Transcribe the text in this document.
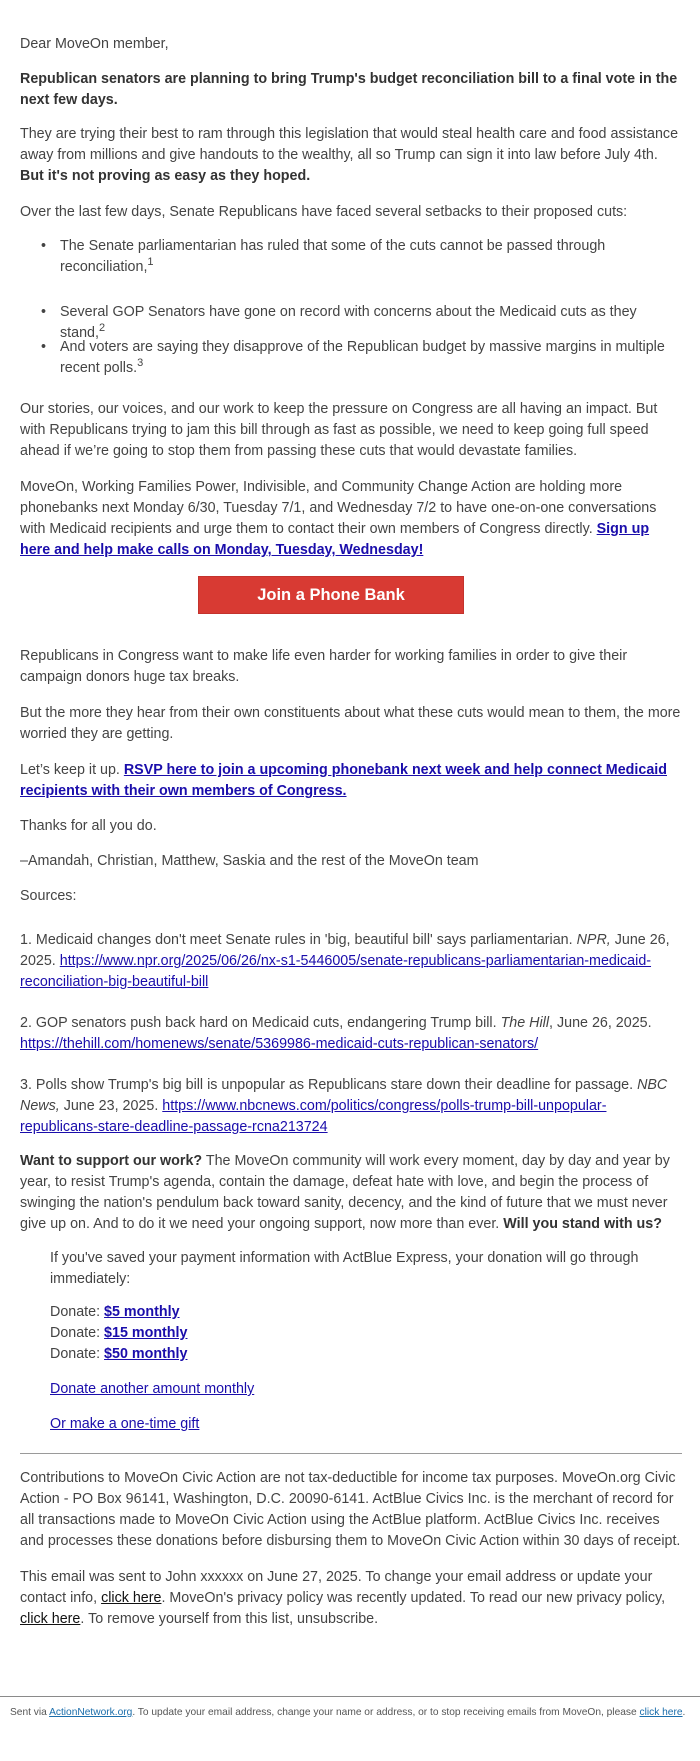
Dear MoveOn member,

Republican senators are planning to bring Trump's budget reconciliation bill to a final vote in the next few days.

They are trying their best to ram through this legislation that would steal health care and food assistance away from millions and give handouts to the wealthy, all so Trump can sign it into law before July 4th. But it's not proving as easy as they hoped.

Over the last few days, Senate Republicans have faced several setbacks to their proposed cuts:

• The Senate parliamentarian has ruled that some of the cuts cannot be passed through reconciliation,$^1$
• Several GOP Senators have gone on record with concerns about the Medicaid cuts as they stand,$^2$
• And voters are saying they disapprove of the Republican budget by massive margins in multiple recent polls.$^3$

Our stories, our voices, and our work to keep the pressure on Congress are all having an impact. But with Republicans trying to jam this bill through as fast as possible, we need to keep going full speed ahead if we’re going to stop them from passing these cuts that would devastate families.

MoveOn, Working Families Power, Indivisible, and Community Change Action are holding more phonebanks next Monday 6/30, Tuesday 7/1, and Wednesday 7/2 to have one-on-one conversations with Medicaid recipients and urge them to contact their own members of Congress directly. Sign up here and help make calls on Monday, Tuesday, Wednesday!

Join a Phone Bank

Republicans in Congress want to make life even harder for working families in order to give their campaign donors huge tax breaks.

But the more they hear from their own constituents about what these cuts would mean to them, the more worried they are getting.

Let’s keep it up. RSVP here to join a upcoming phonebank next week and help connect Medicaid recipients with their own members of Congress.

Thanks for all you do.

–Amandah, Christian, Matthew, Saskia and the rest of the MoveOn team

Sources:

1. Medicaid changes don't meet Senate rules in 'big, beautiful bill' says parliamentarian. NPR, June 26, 2025. https://www.npr.org/2025/06/26/nx-s1-5446005/senate-republicans-parliamentarian-medicaid-reconciliation-big-beautiful-bill

2. GOP senators push back hard on Medicaid cuts, endangering Trump bill. The Hill, June 26, 2025. https://thehill.com/homenews/senate/5369986-medicaid-cuts-republican-senators/

3. Polls show Trump's big bill is unpopular as Republicans stare down their deadline for passage. NBC News, June 23, 2025. https://www.nbcnews.com/politics/congress/polls-trump-bill-unpopular-republicans-stare-deadline-passage-rcna213724

Want to support our work? The MoveOn community will work every moment, day by day and year by year, to resist Trump's agenda, contain the damage, defeat hate with love, and begin the process of swinging the nation's pendulum back toward sanity, decency, and the kind of future that we must never give up on. And to do it we need your ongoing support, now more than ever. Will you stand with us?

If you've saved your payment information with ActBlue Express, your donation will go through immediately:

Donate: $5 monthly

Donate: $15 monthly

Donate: $50 monthly

Donate another amount monthly

Or make a one-time gift

Contributions to MoveOn Civic Action are not tax-deductible for income tax purposes. MoveOn.org Civic Action - PO Box 96141, Washington, D.C. 20090-6141. ActBlue Civics Inc. is the merchant of record for all transactions made to MoveOn Civic Action using the ActBlue platform. ActBlue Civics Inc. receives and processes these donations before disbursing them to MoveOn Civic Action within 30 days of receipt.

This email was sent to John xxxxxx on June 27, 2025. To change your email address or update your contact info, click here. MoveOn's privacy policy was recently updated. To read our new privacy policy, click here. To remove yourself from this list, unsubscribe.

Sent via ActionNetwork.org. To update your email address, change your name or address, or to stop receiving emails from MoveOn, please click here.
